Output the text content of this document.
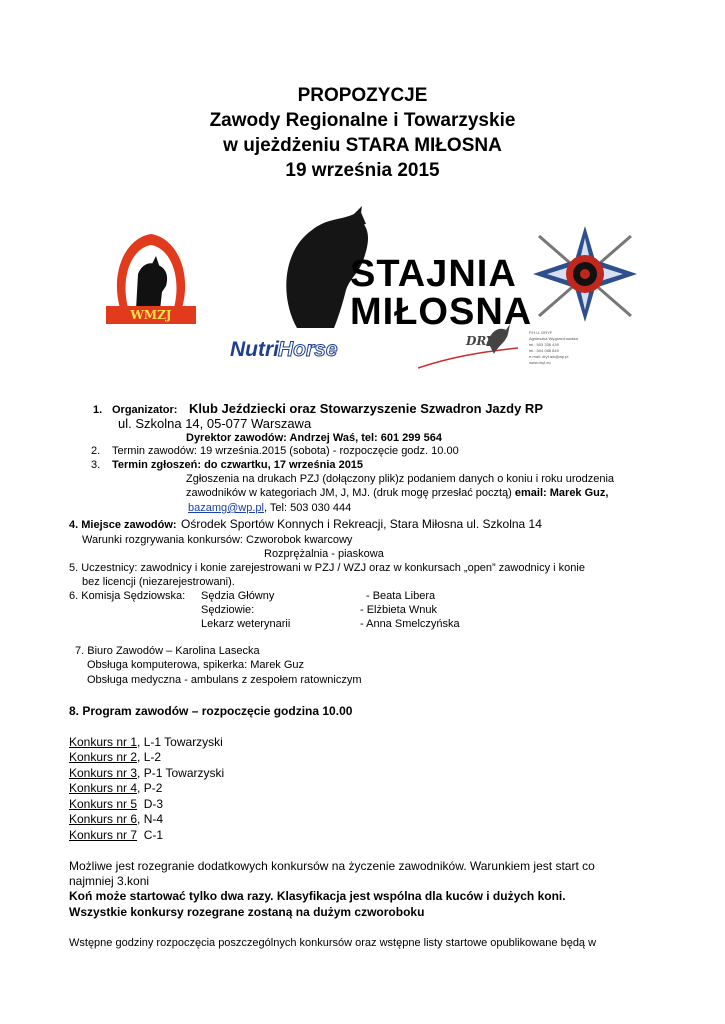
PROPOZYCJE
Zawody Regionalne i Towarzyskie
w ujeżdżeniu STARA MIŁOSNA
19 września 2015
WMZJ
STAJNIA
MIŁOSNA
Nutri Horse	DRYF
P.H.U. DRYF
Agnieszka Węgrzechowska
tel.: 503 336 439
tel.: 504 088 849
e-mail: dryf.aw@wp.pl
www.dryf.eu
1. Organizator: Klub Jeździecki oraz Stowarzyszenie Szwadron Jazdy RP
ul. Szkolna 14, 05-077 Warszawa
Dyrektor zawodów: Andrzej Waś, tel: 601 299 564
2. Termin zawodów: 19 września.2015 (sobota) - rozpoczęcie godz. 10.00
3. Termin zgłoszeń: do czwartku, 17 września 2015
Zgłoszenia na drukach PZJ (dołączony plik)z podaniem danych o koniu i roku urodzenia
zawodników w kategoriach JM, J, MJ. (druk mogę przesłać pocztą) email: Marek Guz,
bazamg@wp.pl, Tel: 503 030 444
4. Miejsce zawodów: Ośrodek Sportów Konnych i Rekreacji, Stara Miłosna ul. Szkolna 14
Warunki rozgrywania konkursów: Czworobok kwarcowy
Rozprężalnia - piaskowa
5. Uczestnicy: zawodnicy i konie zarejestrowani w PZJ / WZJ oraz w konkursach „open” zawodnicy i konie
bez licencji (niezarejestrowani).
6. Komisja Sędziowska: Sędzia Główny	- Beata Libera
Sędziowie:	- Elżbieta Wnuk
Lekarz weterynarii	- Anna Smelczyńska
7. Biuro Zawodów – Karolina Lasecka
Obsługa komputerowa, spikerka: Marek Guz
Obsługa medyczna - ambulans z zespołem ratowniczym
8. Program zawodów – rozpoczęcie godzina 10.00
Konkurs nr 1, L-1 Towarzyski
Konkurs nr 2, L-2
Konkurs nr 3, P-1 Towarzyski
Konkurs nr 4, P-2
Konkurs nr 5  D-3
Konkurs nr 6, N-4
Konkurs nr 7  C-1
Możliwe jest rozegranie dodatkowych konkursów na życzenie zawodników. Warunkiem jest start co
najmniej 3.koni
Koń może startować tylko dwa razy. Klasyfikacja jest wspólna dla kuców i dużych koni.
Wszystkie konkursy rozegrane zostaną na dużym czworoboku
Wstępne godziny rozpoczęcia poszczególnych konkursów oraz wstępne listy startowe opublikowane będą w
